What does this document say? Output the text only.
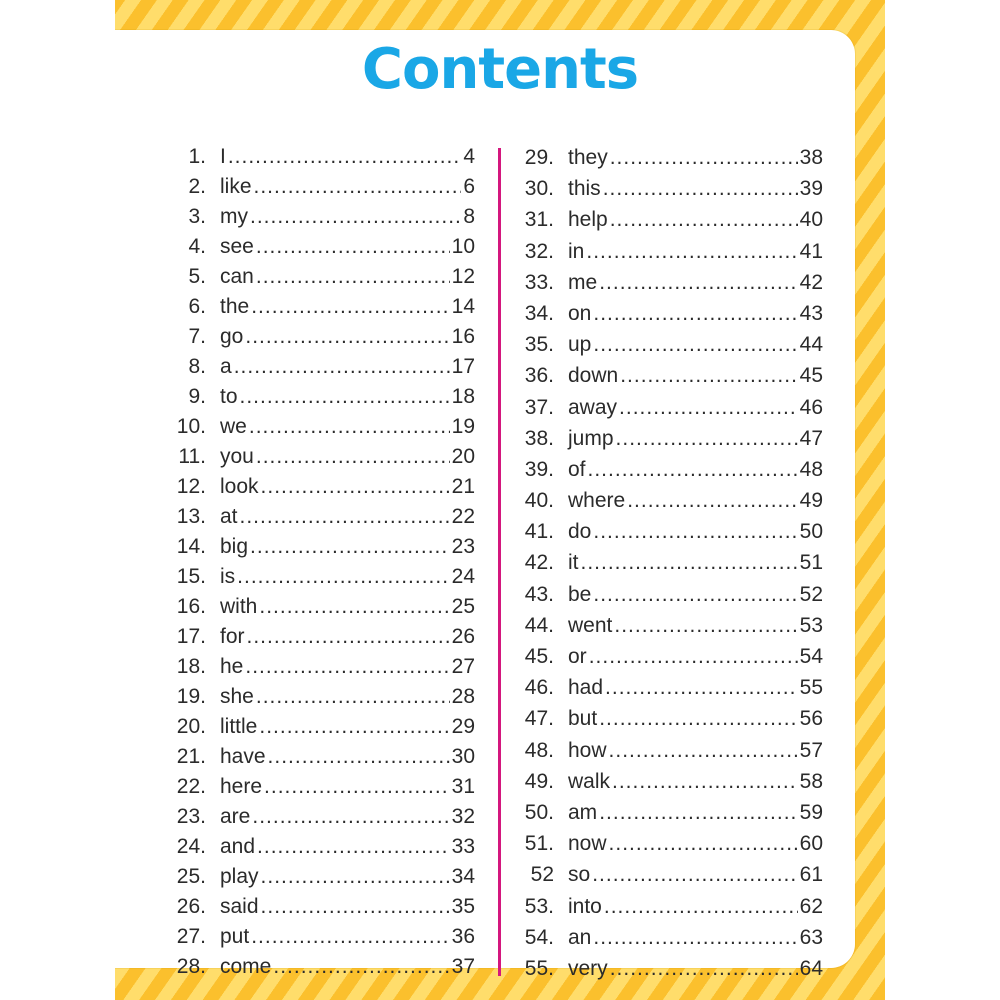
Contents
1. I .....	4
2. like .....	6
3. my .....	8
4. see .....	10
5. can .....	12
6. the .....	14
7. go .....	16
8. a .....	17
9. to .....	18
10. we .....	19
11. you .....	20
12. look .....	21
13. at .....	22
14. big .....	23
15. is .....	24
16. with .....	25
17. for .....	26
18. he .....	27
19. she .....	28
20. little .....	29
21. have .....	30
22. here .....	31
23. are .....	32
24. and .....	33
25. play .....	34
26. said .....	35
27. put .....	36
28. come .....	37
29. they .....	38
30. this .....	39
31. help .....	40
32. in .....	41
33. me .....	42
34. on .....	43
35. up .....	44
36. down .....	45
37. away .....	46
38. jump .....	47
39. of .....	48
40. where .....	49
41. do .....	50
42. it .....	51
43. be .....	52
44. went .....	53
45. or .....	54
46. had .....	55
47. but .....	56
48. how .....	57
49. walk .....	58
50. am .....	59
51. now .....	60
52 so .....	61
53. into .....	62
54. an .....	63
55. very .....	64
